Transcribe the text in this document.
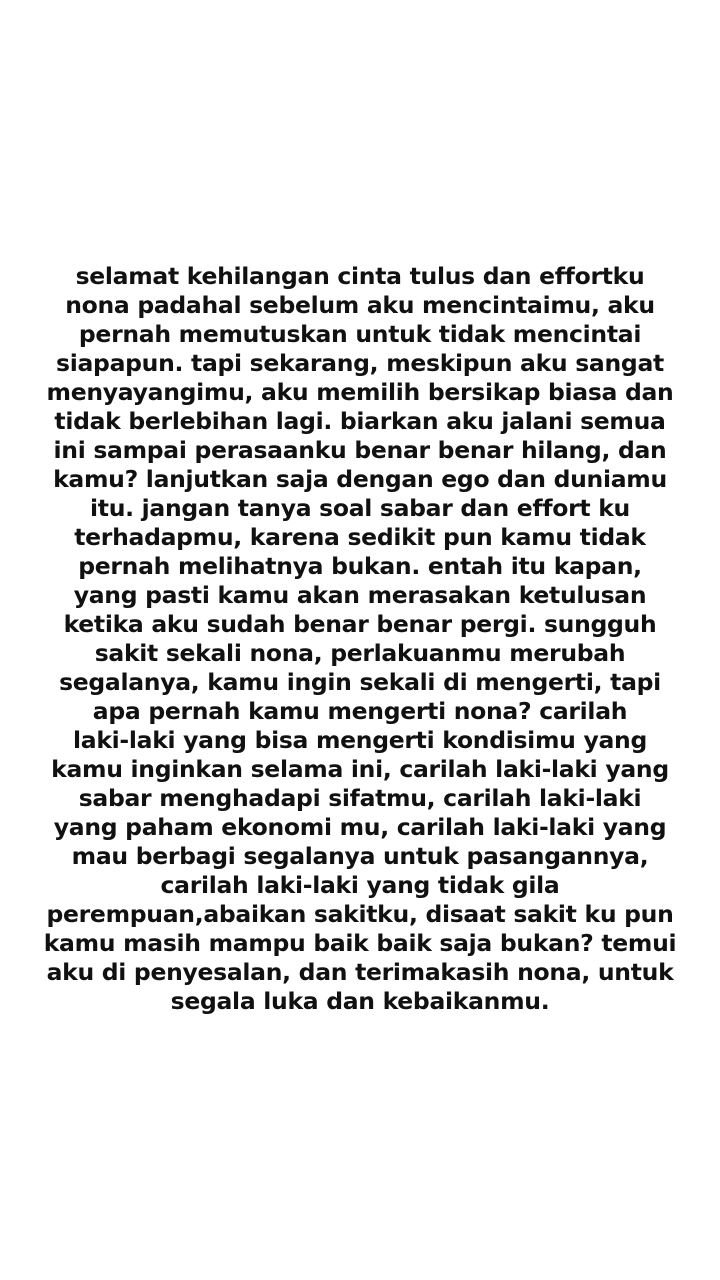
selamat kehilangan cinta tulus dan effortku
nona padahal sebelum aku mencintaimu, aku
pernah memutuskan untuk tidak mencintai
siapapun. tapi sekarang, meskipun aku sangat
menyayangimu, aku memilih bersikap biasa dan
tidak berlebihan lagi. biarkan aku jalani semua
ini sampai perasaanku benar benar hilang, dan
kamu? lanjutkan saja dengan ego dan duniamu
itu. jangan tanya soal sabar dan effort ku
terhadapmu, karena sedikit pun kamu tidak
pernah melihatnya bukan. entah itu kapan,
yang pasti kamu akan merasakan ketulusan
ketika aku sudah benar benar pergi. sungguh
sakit sekali nona, perlakuanmu merubah
segalanya, kamu ingin sekali di mengerti, tapi
apa pernah kamu mengerti nona? carilah
laki-laki yang bisa mengerti kondisimu yang
kamu inginkan selama ini, carilah laki-laki yang
sabar menghadapi sifatmu, carilah laki-laki
yang paham ekonomi mu, carilah laki-laki yang
mau berbagi segalanya untuk pasangannya,
carilah laki-laki yang tidak gila
perempuan,abaikan sakitku, disaat sakit ku pun
kamu masih mampu baik baik saja bukan? temui
aku di penyesalan, dan terimakasih nona, untuk
segala luka dan kebaikanmu.
